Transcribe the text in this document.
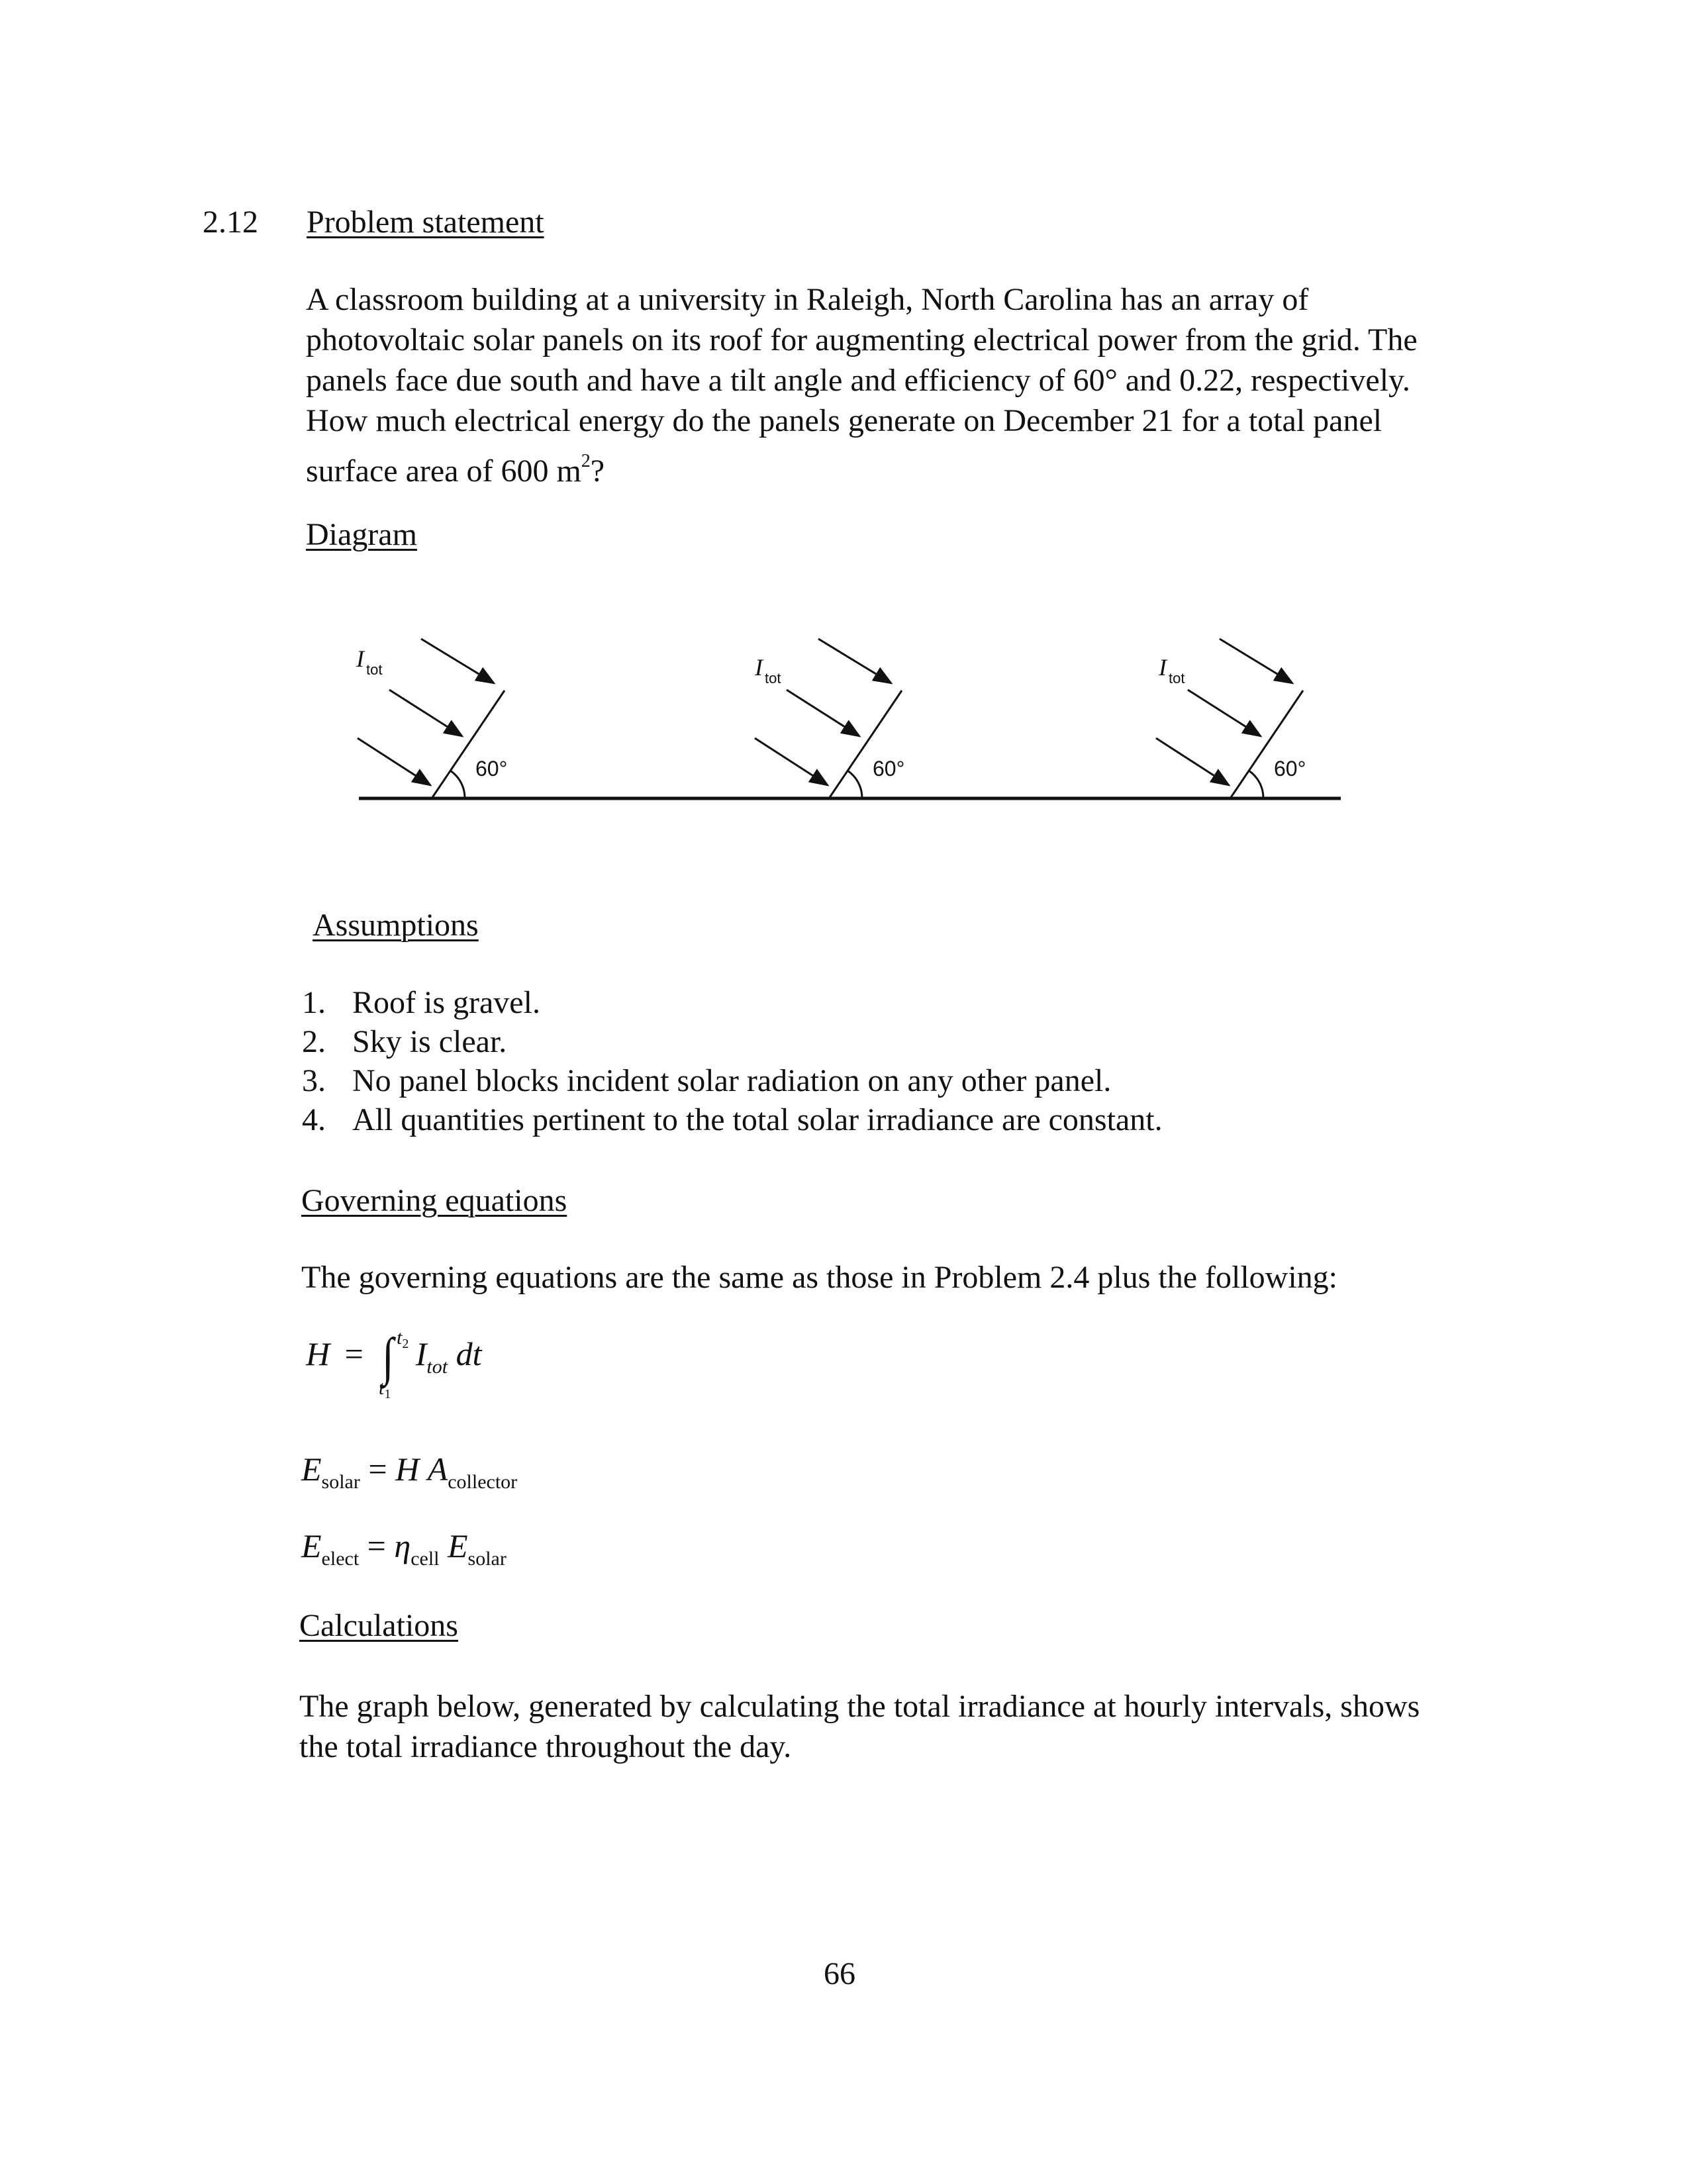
2.12 Problem statement
A classroom building at a university in Raleigh, North Carolina has an array of
photovoltaic solar panels on its roof for augmenting electrical power from the grid. The
panels face due south and have a tilt angle and efficiency of 60° and 0.22, respectively.
How much electrical energy do the panels generate on December 21 for a total panel
surface area of 600 $m^2$?
Diagram
I tot
60°
I tot
60°
I tot
60°
Assumptions
1. Roof is gravel.
2. Sky is clear.
3. No panel blocks incident solar radiation on any other panel.
4. All quantities pertinent to the total solar irradiance are constant.
Governing equations
The governing equations are the same as those in Problem 2.4 plus the following:
H = ∫ $t_2$
$t_1$
$I_{tot}$ dt
$E_{solar} = H$ $A_{collector}$
$E_{elect} = \eta_{cell}$ $E_{solar}$
Calculations
The graph below, generated by calculating the total irradiance at hourly intervals, shows
the total irradiance throughout the day.
66
